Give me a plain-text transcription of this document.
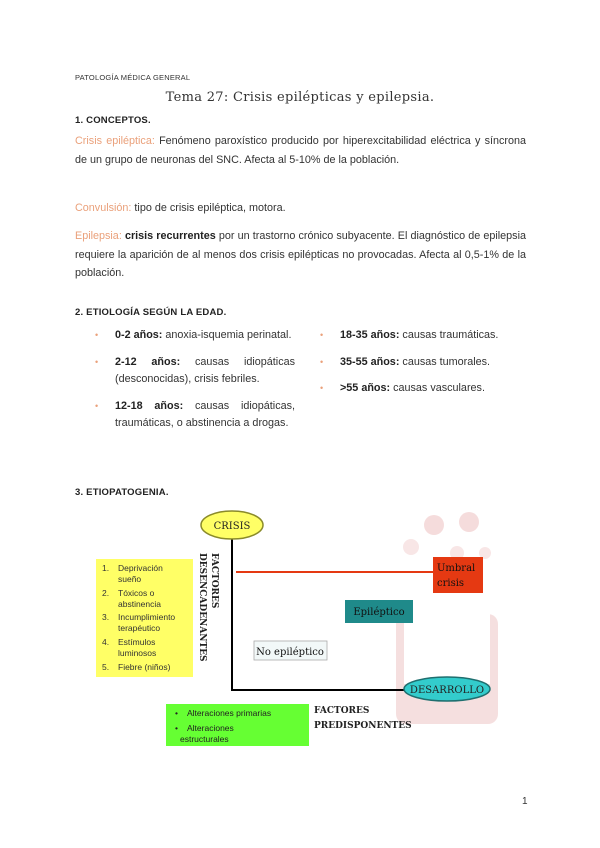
PATOLOGÍA MÉDICA GENERAL
Tema 27: Crisis epilépticas y epilepsia.
1. CONCEPTOS.
Crisis epiléptica: Fenómeno paroxístico producido por hiperexcitabilidad eléctrica y síncrona de un grupo de neuronas del SNC. Afecta al 5-10% de la población.
Convulsión: tipo de crisis epiléptica, motora.
Epilepsia: crisis recurrentes por un trastorno crónico subyacente. El diagnóstico de epilepsia requiere la aparición de al menos dos crisis epilépticas no provocadas. Afecta al 0,5-1% de la población.
2. ETIOLOGÍA SEGÚN LA EDAD.
• 0-2 años: anoxia-isquemia perinatal.
• 2-12 años: causas idiopáticas (desconocidas), crisis febriles.
• 12-18 años: causas idiopáticas, traumáticas, o abstinencia a drogas.
• 18-35 años: causas traumáticas.
• 35-55 años: causas tumorales.
• >55 años: causas vasculares.
3. ETIOPATOGENIA.
CRISIS
DESARROLLO
Umbral
crisis
Epiléptico
No epiléptico
FACTORES
DESENCADENANTES
FACTORES
PREDISPONENTES
1. Deprivación
sueño
2. Tóxicos o
abstinencia
3. Incumplimiento
terapéutico
4. Estímulos
luminosos
5. Fiebre (niños)
• Alteraciones primarias
• Alteraciones
estructurales
1
